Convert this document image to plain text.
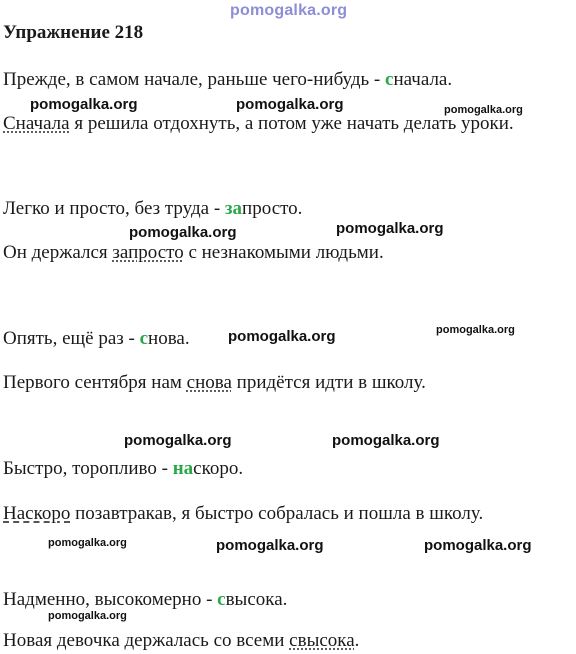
pomogalka.org
Упражнение 218
Прежде, в самом начале, раньше чего-нибудь - сначала.
pomogalka.org	pomogalka.org	pomogalka.org
Сначала я решила отдохнуть, а потом уже начать делать уроки.
Легко и просто, без труда - запросто.
pomogalka.org	pomogalka.org
Он держался запросто с незнакомыми людьми.
Опять, ещё раз - снова.	pomogalka.org	pomogalka.org
Первого сентября нам снова придётся идти в школу.
pomogalka.org	pomogalka.org
Быстро, торопливо - наскоро.
Наскоро позавтракав, я быстро собралась и пошла в школу.
pomogalka.org	pomogalka.org	pomogalka.org
Надменно, высокомерно - свысока.
pomogalka.org
Новая девочка держалась со всеми свысока.
